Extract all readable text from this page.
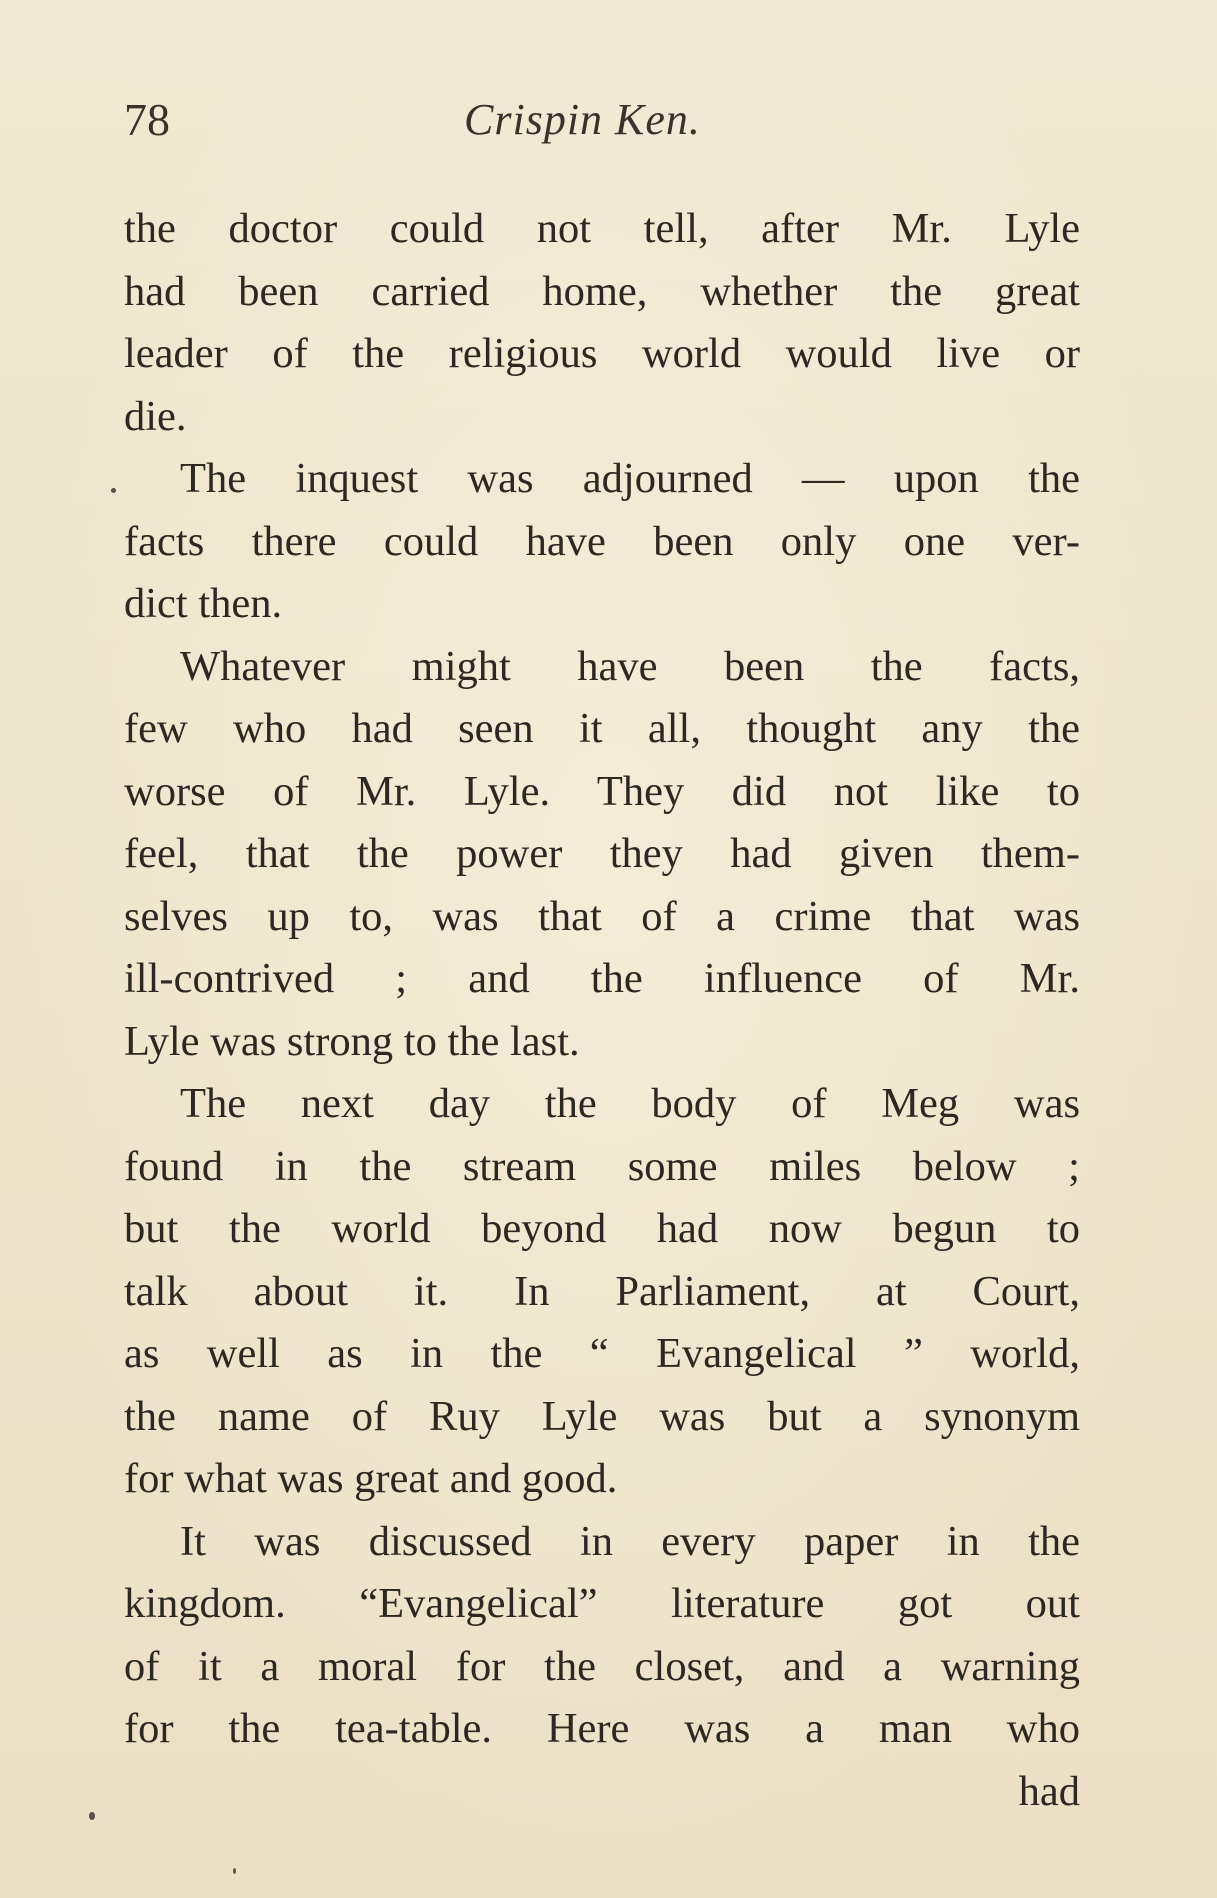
78	Crispin Ken.
the doctor could not tell, after Mr. Lyle
had been carried home, whether the great
leader of the religious world would live or
die.
The inquest was adjourned — upon the
facts there could have been only one ver-
dict then.
Whatever might have been the facts,
few who had seen it all, thought any the
worse of Mr. Lyle. They did not like to
feel, that the power they had given them-
selves up to, was that of a crime that was
ill-contrived ; and the influence of Mr.
Lyle was strong to the last.
The next day the body of Meg was
found in the stream some miles below ;
but the world beyond had now begun to
talk about it. In Parliament, at Court,
as well as in the “ Evangelical ” world,
the name of Ruy Lyle was but a synonym
for what was great and good.
It was discussed in every paper in the
kingdom. “Evangelical” literature got out
of it a moral for the closet, and a warning
for the tea-table. Here was a man who
had
